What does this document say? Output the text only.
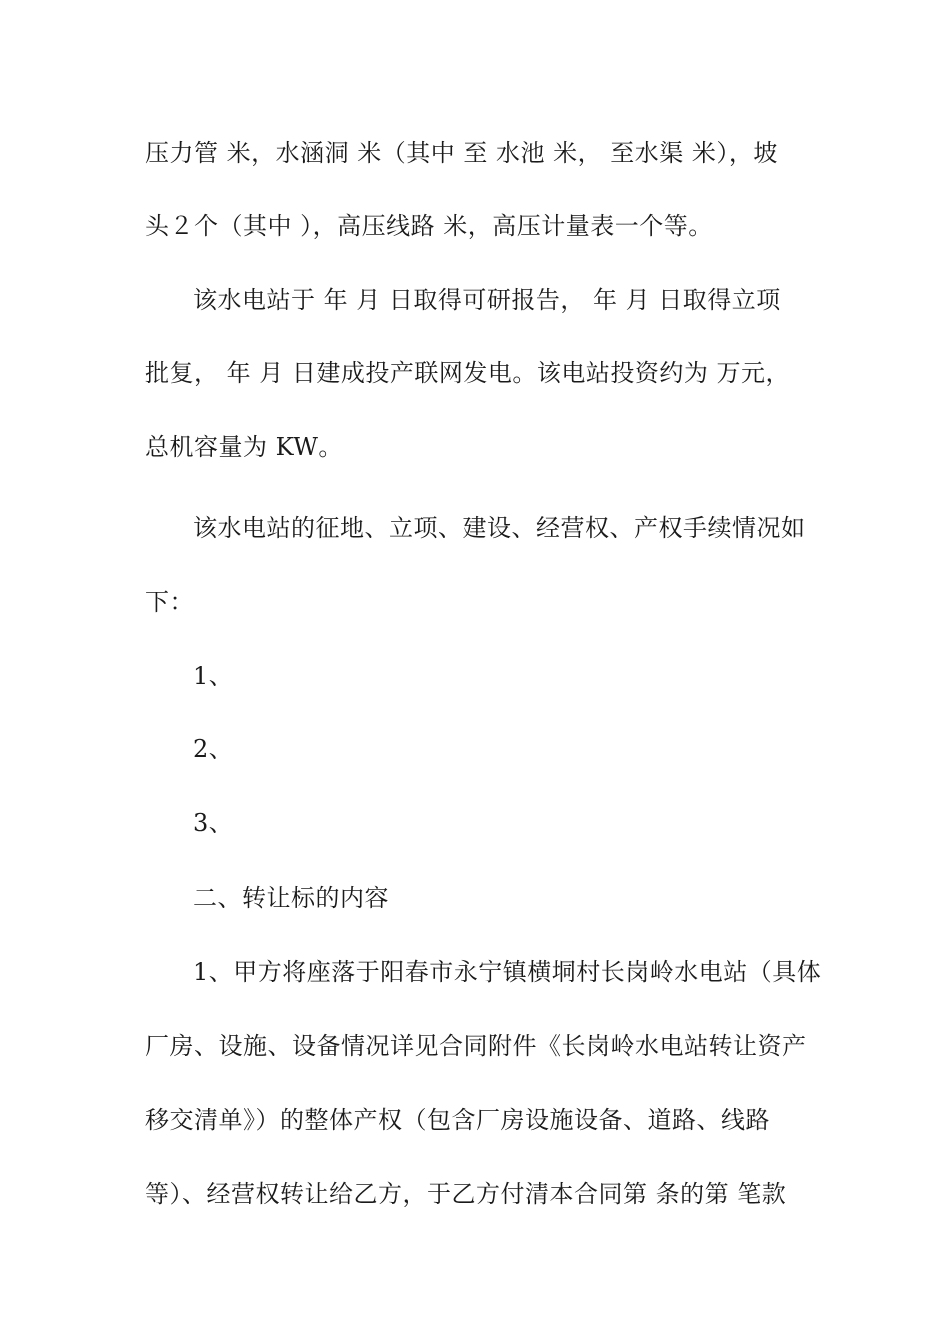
压力管 米，水涵洞 米（其中 至 水池 米， 至水渠 米），坡
头２个（其中 ），高压线路 米，高压计量表一个等。
该水电站于 年 月 日取得可研报告， 年 月 日取得立项
批复， 年 月 日建成投产联网发电。该电站投资约为 万元，
总机容量为 KW。
该水电站的征地、立项、建设、经营权、产权手续情况如
下：
1、
2、
3、
二、转让标的内容
1、甲方将座落于阳春市永宁镇横垌村长岗岭水电站（具体
厂房、设施、设备情况详见合同附件《长岗岭水电站转让资产
移交清单》）的整体产权（包含厂房设施设备、道路、线路
等）、经营权转让给乙方，于乙方付清本合同第 条的第 笔款
